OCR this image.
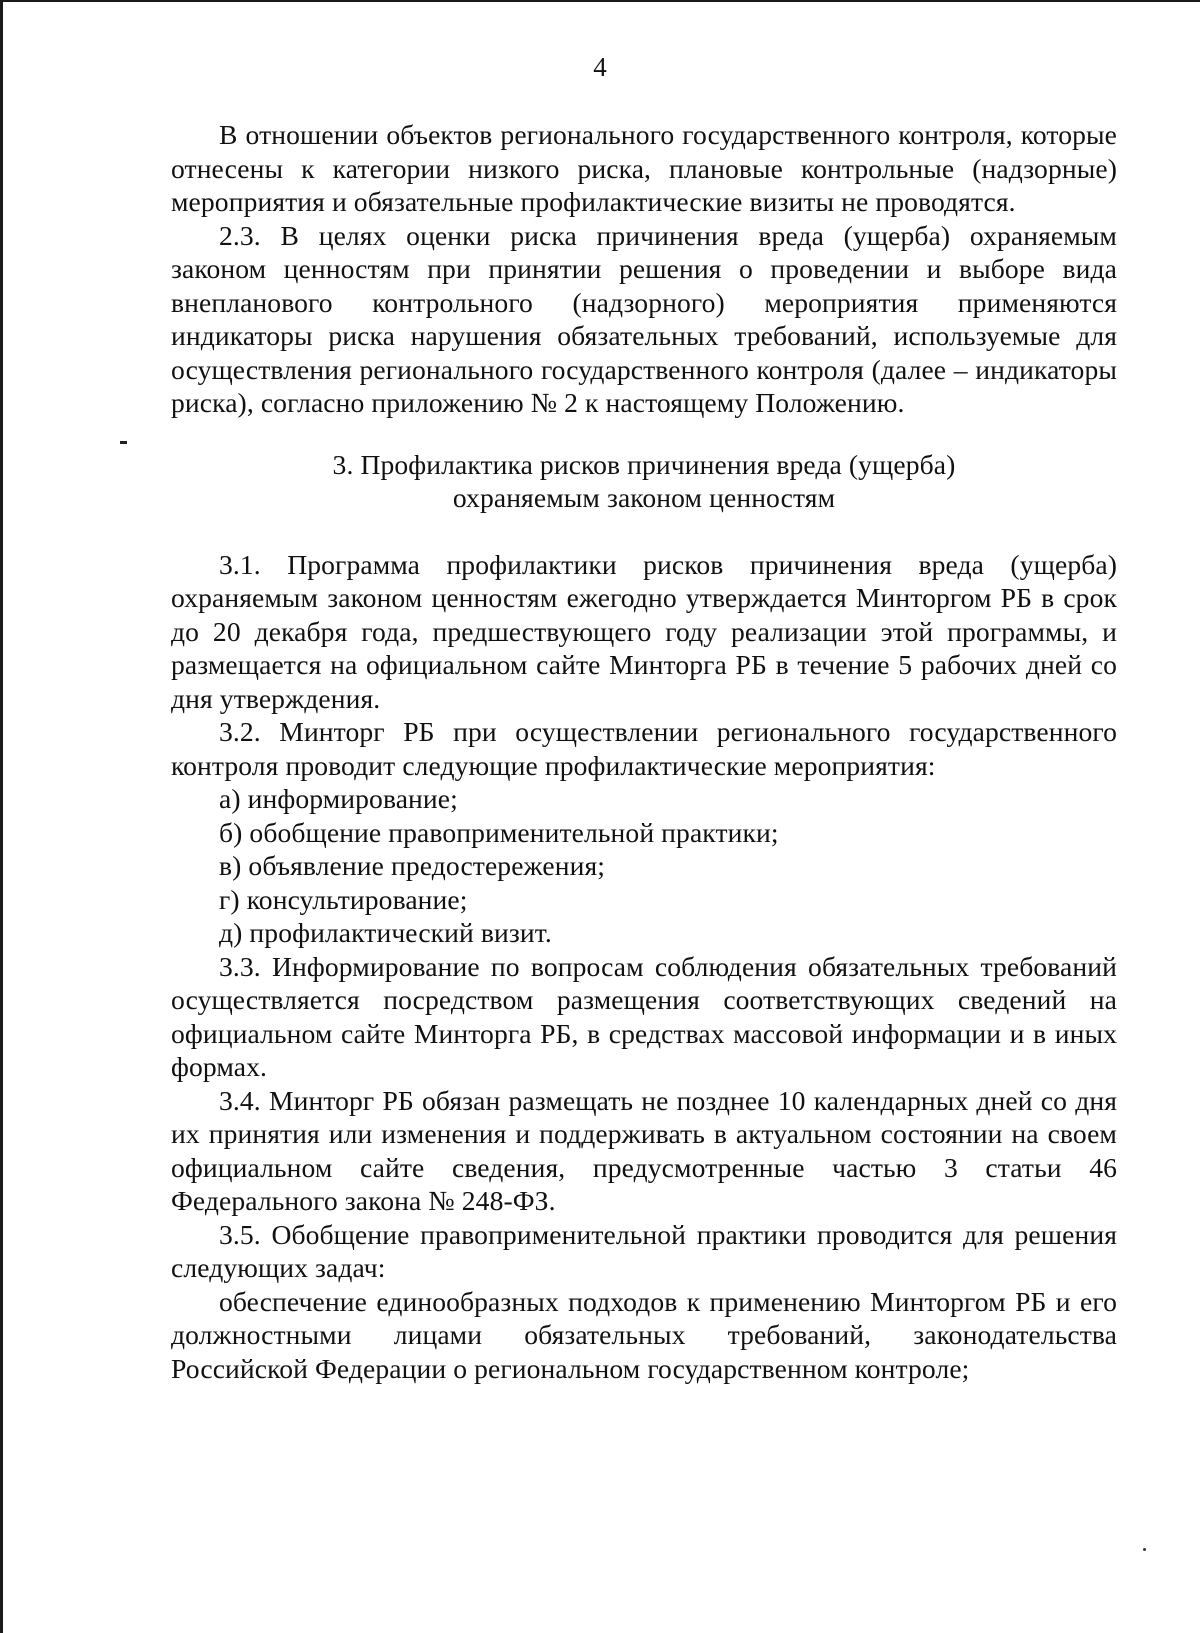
4

В отношении объектов регионального государственного контроля, которые отнесены к категории низкого риска, плановые контрольные (надзорные) мероприятия и обязательные профилактические визиты не проводятся.

2.3. В целях оценки риска причинения вреда (ущерба) охраняемым законом ценностям при принятии решения о проведении и выборе вида внепланового контрольного (надзорного) мероприятия применяются индикаторы риска нарушения обязательных требований, используемые для осуществления регионального государственного контроля (далее – индикаторы риска), согласно приложению № 2 к настоящему Положению.

3. Профилактика рисков причинения вреда (ущерба)
охраняемым законом ценностям

3.1. Программа профилактики рисков причинения вреда (ущерба) охраняемым законом ценностям ежегодно утверждается Минторгом РБ в срок до 20 декабря года, предшествующего году реализации этой программы, и размещается на официальном сайте Минторга РБ в течение 5 рабочих дней со дня утверждения.

3.2. Минторг РБ при осуществлении регионального государственного контроля проводит следующие профилактические мероприятия:

а) информирование;

б) обобщение правоприменительной практики;

в) объявление предостережения;

г) консультирование;

д) профилактический визит.

3.3. Информирование по вопросам соблюдения обязательных требований осуществляется посредством размещения соответствующих сведений на официальном сайте Минторга РБ, в средствах массовой информации и в иных формах.

3.4. Минторг РБ обязан размещать не позднее 10 календарных дней со дня их принятия или изменения и поддерживать в актуальном состоянии на своем официальном сайте сведения, предусмотренные частью 3 статьи 46 Федерального закона № 248-ФЗ.

3.5. Обобщение правоприменительной практики проводится для решения следующих задач:

обеспечение единообразных подходов к применению Минторгом РБ и его должностными лицами обязательных требований, законодательства Российской Федерации о региональном государственном контроле;
